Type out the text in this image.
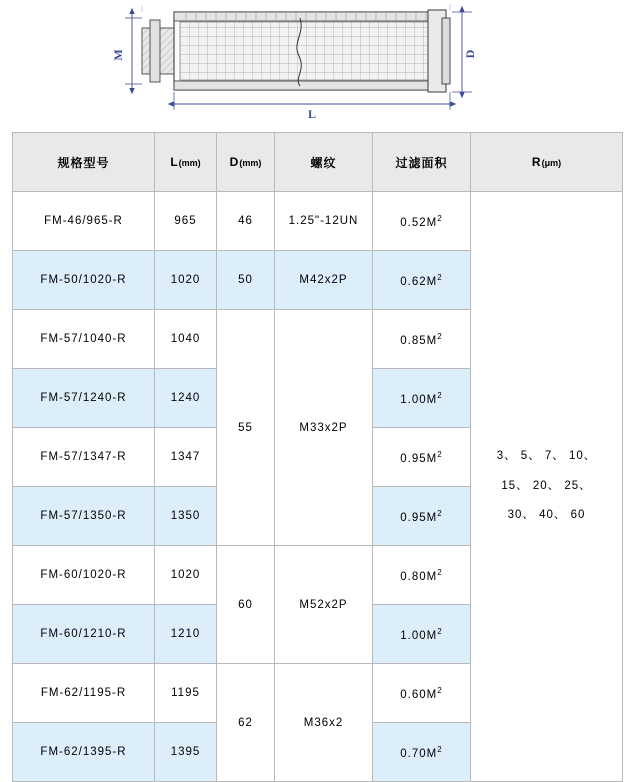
M	D
L
规格型号	L(mm)	D(mm)	螺纹	过滤面积	R(μm)
FM-46/965-R	965	46	1.25"-12UN	$0.52M^2$	3、 5、 7、 10、
15、 20、 25、
30、 40、 60

FM-50/1020-R	1020	50	M42x2P	$0.62M^2$
FM-57/1040-R	1040	55	M33x2P	$0.85M^2$
FM-57/1240-R	1240			$1.00M^2$
FM-57/1347-R	1347			$0.95M^2$
FM-57/1350-R	1350			$0.95M^2$
FM-60/1020-R	1020	60	M52x2P	$0.80M^2$
FM-60/1210-R	1210			$1.00M^2$
FM-62/1195-R	1195	62	M36x2	$0.60M^2$
FM-62/1395-R	1395			$0.70M^2$
